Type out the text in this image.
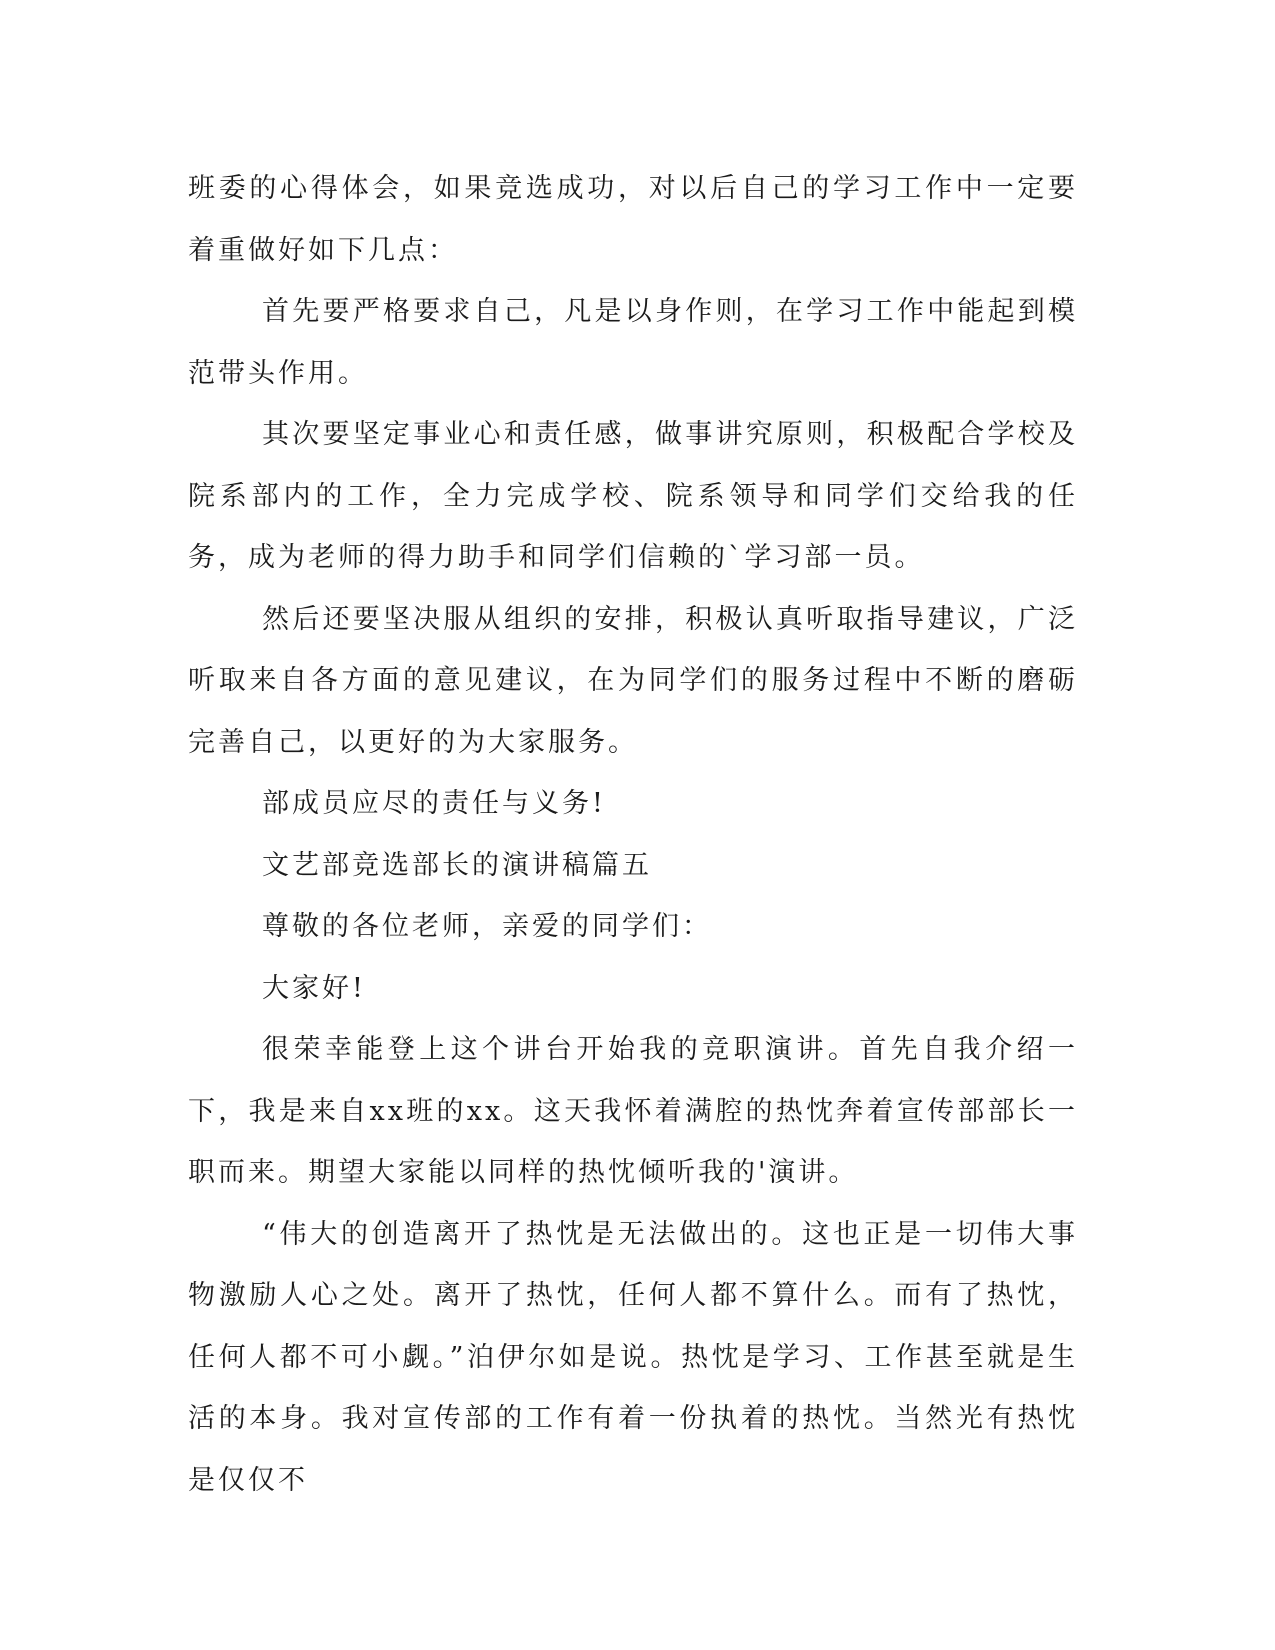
班委的心得体会，如果竞选成功，对以后自己的学习工作中一定要着重做好如下几点：

首先要严格要求自己，凡是以身作则，在学习工作中能起到模范带头作用。

其次要坚定事业心和责任感，做事讲究原则，积极配合学校及院系部内的工作，全力完成学校、院系领导和同学们交给我的任务，成为老师的得力助手和同学们信赖的`学习部一员。

然后还要坚决服从组织的安排，积极认真听取指导建议，广泛听取来自各方面的意见建议，在为同学们的服务过程中不断的磨砺完善自己，以更好的为大家服务。

部成员应尽的责任与义务!

文艺部竞选部长的演讲稿篇五

尊敬的各位老师，亲爱的同学们：

大家好!

很荣幸能登上这个讲台开始我的竞职演讲。首先自我介绍一下，我是来自xx班的xx。这天我怀着满腔的热忱奔着宣传部部长一职而来。期望大家能以同样的热忱倾听我的'演讲。

“伟大的创造离开了热忱是无法做出的。这也正是一切伟大事物激励人心之处。离开了热忱，任何人都不算什么。而有了热忱，任何人都不可小觑。”泊伊尔如是说。热忱是学习、工作甚至就是生活的本身。我对宣传部的工作有着一份执着的热忱。当然光有热忱是仅仅不
